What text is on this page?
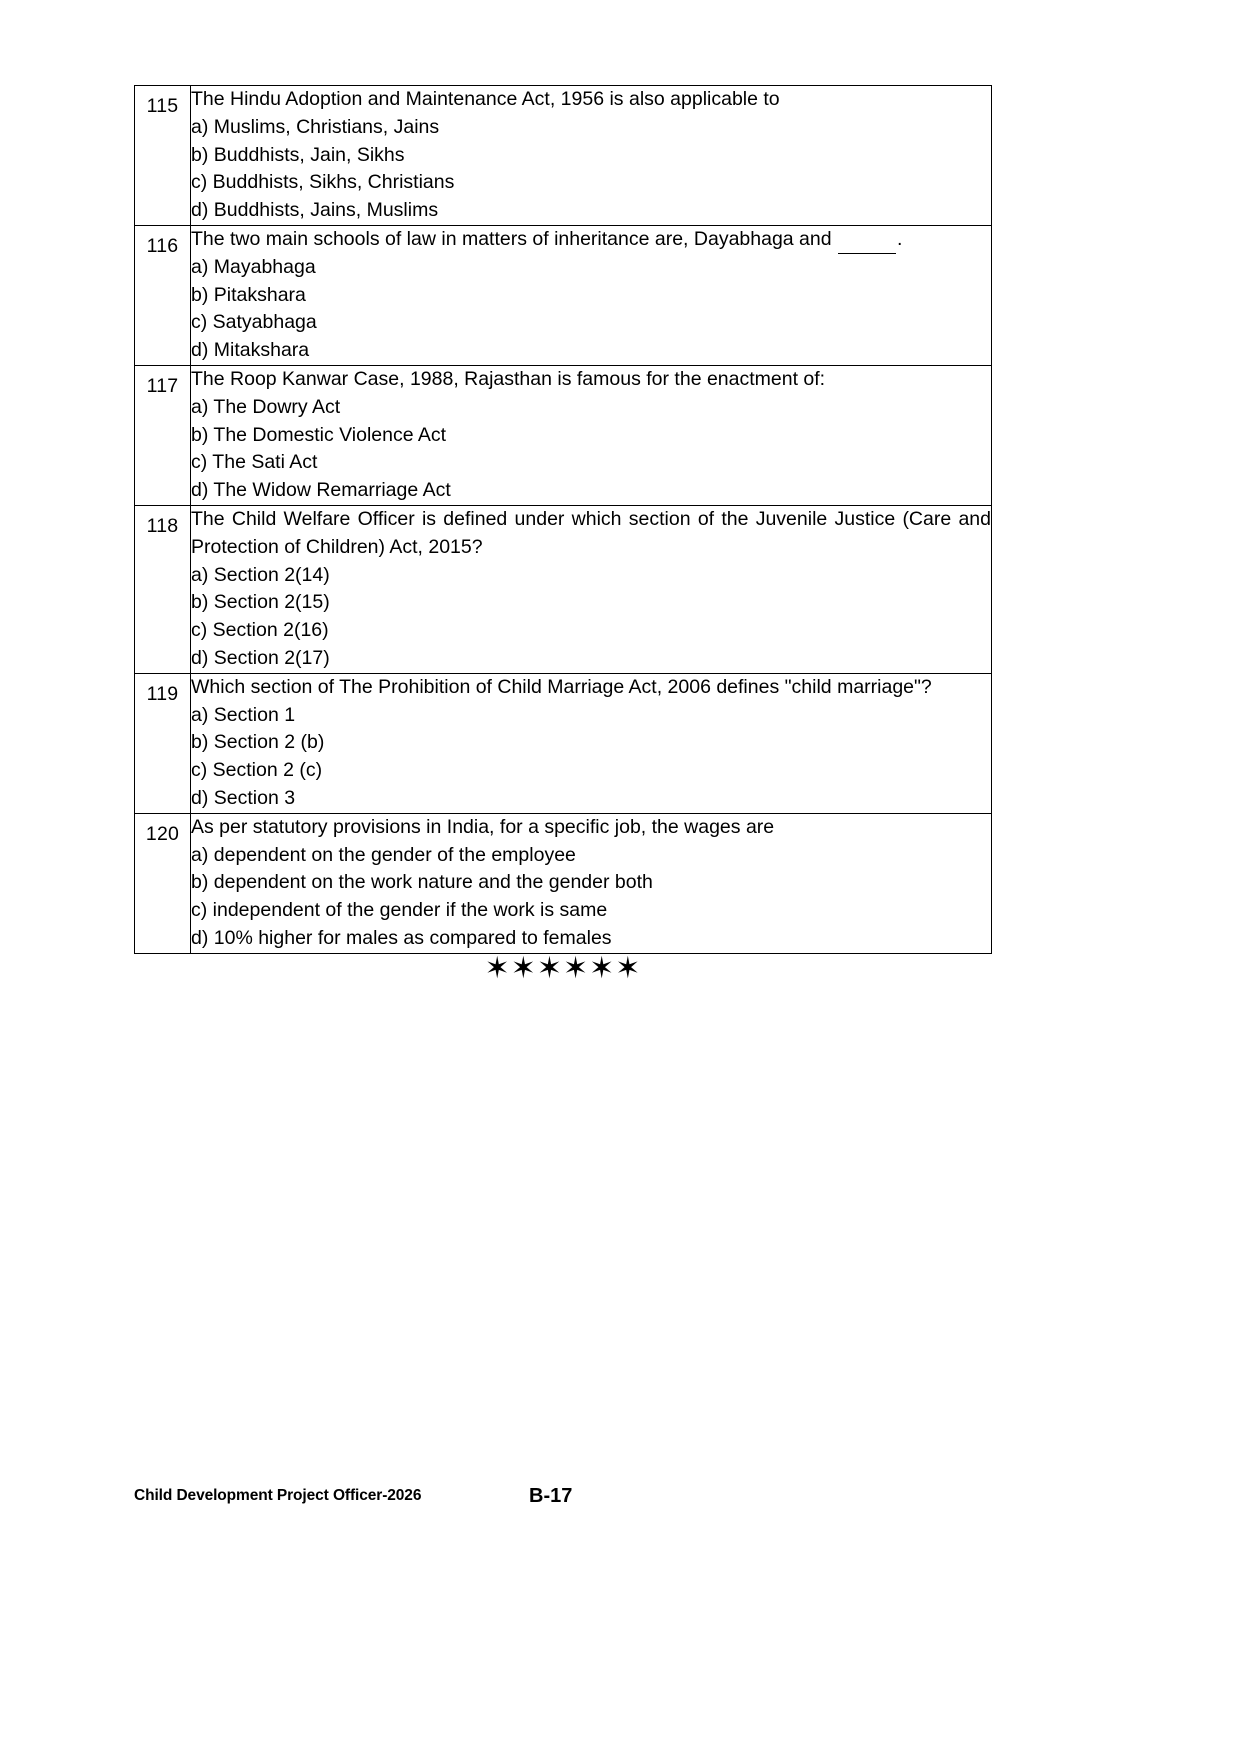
115	The Hindu Adoption and Maintenance Act, 1956 is also applicable to

a) Muslims, Christians, Jains

b) Buddhists, Jain, Sikhs

c) Buddhists, Sikhs, Christians

d) Buddhists, Jains, Muslims

116	The two main schools of law in matters of inheritance are, Dayabhaga and .

a) Mayabhaga

b) Pitakshara

c) Satyabhaga

d) Mitakshara

117	The Roop Kanwar Case, 1988, Rajasthan is famous for the enactment of:

a) The Dowry Act

b) The Domestic Violence Act

c) The Sati Act

d) The Widow Remarriage Act

118	The Child Welfare Officer is defined under which section of the Juvenile Justice (Care and Protection of Children) Act, 2015?

a) Section 2(14)

b) Section 2(15)

c) Section 2(16)

d) Section 2(17)

119	Which section of The Prohibition of Child Marriage Act, 2006 defines "child marriage"?

a) Section 1

b) Section 2 (b)

c) Section 2 (c)

d) Section 3

120	As per statutory provisions in India, for a specific job, the wages are

a) dependent on the gender of the employee

b) dependent on the work nature and the gender both

c) independent of the gender if the work is same

d) 10% higher for males as compared to females

✶✶✶✶✶✶
Child Development Project Officer-2026	B-17
